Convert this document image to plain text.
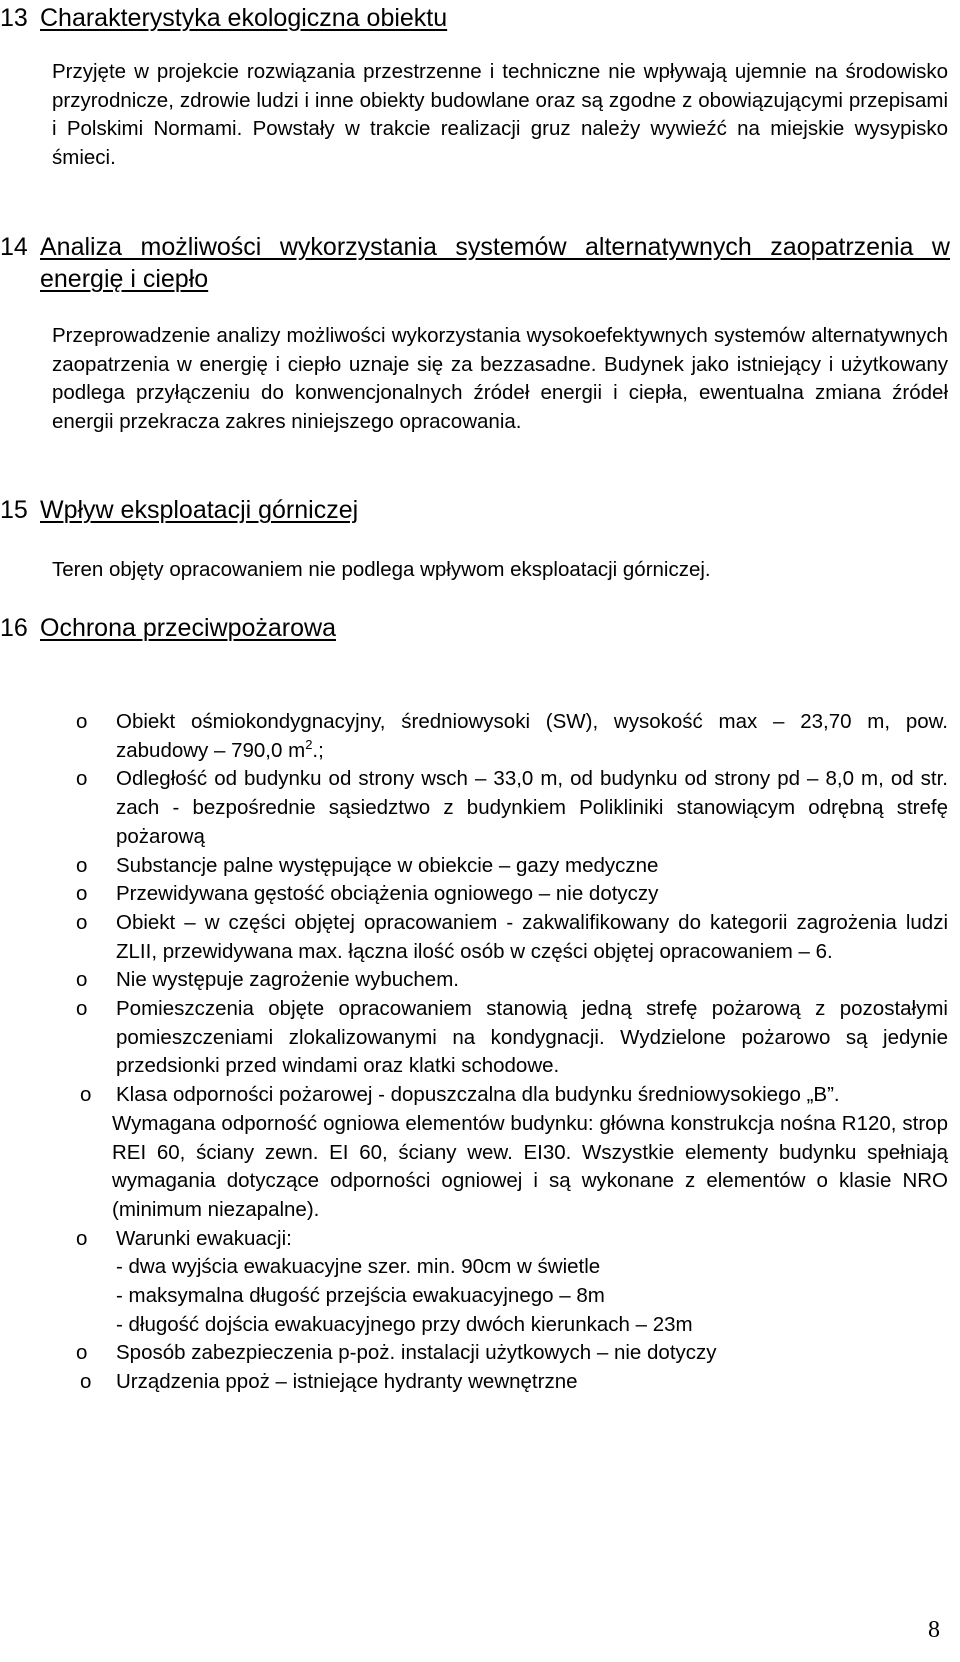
13 Charakterystyka ekologiczna obiektu

Przyjęte w projekcie rozwiązania przestrzenne i techniczne nie wpływają ujemnie na środowisko przyrodnicze, zdrowie ludzi i inne obiekty budowlane oraz są zgodne z obowiązującymi przepisami i Polskimi Normami. Powstały w trakcie realizacji gruz należy wywieźć na miejskie wysypisko śmieci.

14 Analiza możliwości wykorzystania systemów alternatywnych zaopatrzenia w energię i ciepło

Przeprowadzenie analizy możliwości wykorzystania wysokoefektywnych systemów alternatywnych zaopatrzenia w energię i ciepło uznaje się za bezzasadne. Budynek jako istniejący i użytkowany podlega przyłączeniu do konwencjonalnych źródeł energii i ciepła, ewentualna zmiana źródeł energii przekracza zakres niniejszego opracowania.

15 Wpływ eksploatacji górniczej

Teren objęty opracowaniem nie podlega wpływom eksploatacji górniczej.

16 Ochrona przeciwpożarowa
o Obiekt ośmiokondygnacyjny, średniowysoki (SW), wysokość max – 23,70 m, pow. zabudowy – 790,0 $m^2$.;
o Odległość od budynku od strony wsch – 33,0 m, od budynku od strony pd – 8,0 m, od str. zach - bezpośrednie sąsiedztwo z budynkiem Polikliniki stanowiącym odrębną strefę pożarową
o Substancje palne występujące w obiekcie – gazy medyczne
o Przewidywana gęstość obciążenia ogniowego – nie dotyczy
o Obiekt – w części objętej opracowaniem - zakwalifikowany do kategorii zagrożenia ludzi ZLII, przewidywana max. łączna ilość osób w części objętej opracowaniem – 6.
o Nie występuje zagrożenie wybuchem.
o Pomieszczenia objęte opracowaniem stanowią jedną strefę pożarową z pozostałymi pomieszczeniami zlokalizowanymi na kondygnacji. Wydzielone pożarowo są jedynie przedsionki przed windami oraz klatki schodowe.
o Klasa odporności pożarowej - dopuszczalna dla budynku średniowysokiego „B”.
Wymagana odporność ogniowa elementów budynku: główna konstrukcja nośna R120, strop REI 60, ściany zewn. EI 60, ściany wew. EI30. Wszystkie elementy budynku spełniają wymagania dotyczące odporności ogniowej i są wykonane z elementów o klasie NRO (minimum niezapalne).
o Warunki ewakuacji:
- dwa wyjścia ewakuacyjne szer. min. 90cm w świetle
- maksymalna długość przejścia ewakuacyjnego – 8m
- długość dojścia ewakuacyjnego przy dwóch kierunkach – 23m
o Sposób zabezpieczenia p-poż. instalacji użytkowych – nie dotyczy
o Urządzenia ppoż – istniejące hydranty wewnętrzne
8
